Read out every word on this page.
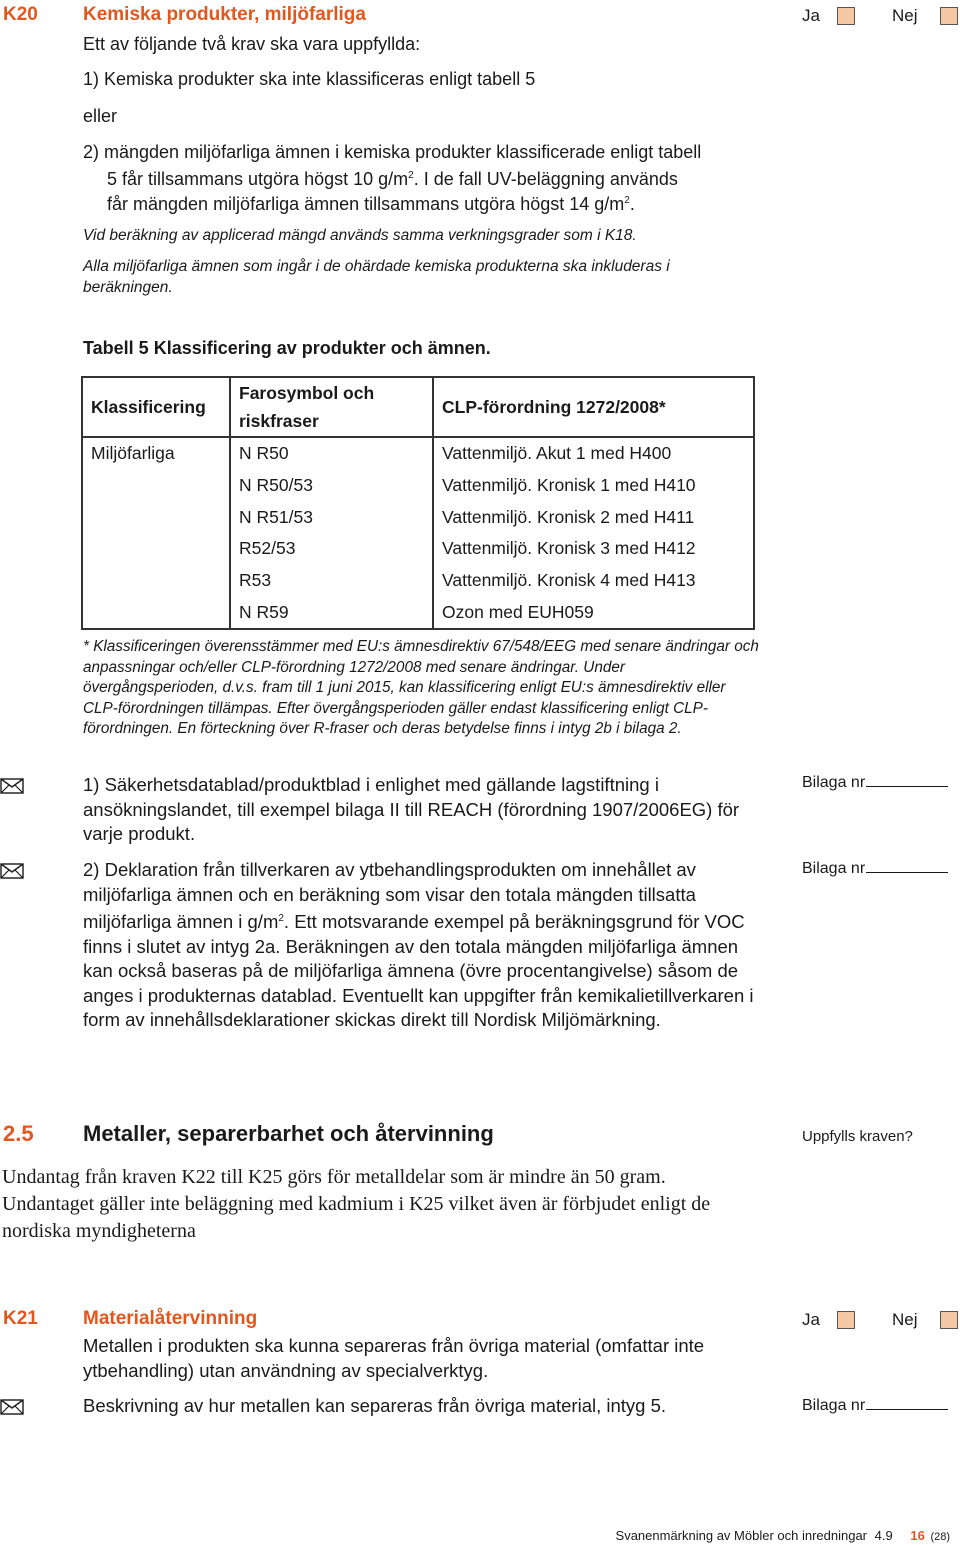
K20 Kemiska produkter, miljöfarliga	Ja	Nej
Ett av följande två krav ska vara uppfyllda:
1) Kemiska produkter ska inte klassificeras enligt tabell 5
eller
2) mängden miljöfarliga ämnen i kemiska produkter klassificerade enligt tabell
5 får tillsammans utgöra högst 10 $g/m^2$. I de fall UV-beläggning används
får mängden miljöfarliga ämnen tillsammans utgöra högst 14 $g/m^2$.
Vid beräkning av applicerad mängd används samma verkningsgrader som i K18.
Alla miljöfarliga ämnen som ingår i de ohärdade kemiska produkterna ska inkluderas i beräkningen.
Tabell 5 Klassificering av produkter och ämnen.
Klassificering	Farosymbol och riskfraser	CLP-förordning 1272/2008*
Miljöfarliga	N R50	Vattenmiljö. Akut 1 med H400
	N R50/53	Vattenmiljö. Kronisk 1 med H410
	N R51/53	Vattenmiljö. Kronisk 2 med H411
	R52/53	Vattenmiljö. Kronisk 3 med H412
	R53	Vattenmiljö. Kronisk 4 med H413
	N R59	Ozon med EUH059
* Klassificeringen överensstämmer med EU:s ämnesdirektiv 67/548/EEG med senare ändringar och anpassningar och/eller CLP-förordning 1272/2008 med senare ändringar. Under övergångsperioden, d.v.s. fram till 1 juni 2015, kan klassificering enligt EU:s ämnesdirektiv eller CLP-förordningen tillämpas. Efter övergångsperioden gäller endast klassificering enligt CLP-förordningen. En förteckning över R-fraser och deras betydelse finns i intyg 2b i bilaga 2.
1) Säkerhetsdatablad/produktblad i enlighet med gällande lagstiftning i ansökningslandet, till exempel bilaga II till REACH (förordning 1907/2006EG) för varje produkt.
Bilaga nr
2) Deklaration från tillverkaren av ytbehandlingsprodukten om innehållet av miljöfarliga ämnen och en beräkning som visar den totala mängden tillsatta miljöfarliga ämnen i $g/m^2$. Ett motsvarande exempel på beräkningsgrund för VOC finns i slutet av intyg 2a. Beräkningen av den totala mängden miljöfarliga ämnen kan också baseras på de miljöfarliga ämnena (övre procentangivelse) såsom de anges i produkternas datablad. Eventuellt kan uppgifter från kemikalietillverkaren i form av innehållsdeklarationer skickas direkt till Nordisk Miljömärkning.
Bilaga nr
2.5 Metaller, separerbarhet och återvinning	Uppfylls kraven?
Undantag från kraven K22 till K25 görs för metalldelar som är mindre än 50 gram. Undantaget gäller inte beläggning med kadmium i K25 vilket även är förbjudet enligt de nordiska myndigheterna
K21 Materialåtervinning	Ja	Nej
Metallen i produkten ska kunna separeras från övriga material (omfattar inte ytbehandling) utan användning av specialverktyg.
Beskrivning av hur metallen kan separeras från övriga material, intyg 5.	Bilaga nr
Svanenmärkning av Möbler och inredningar 4.9 16 (28)
